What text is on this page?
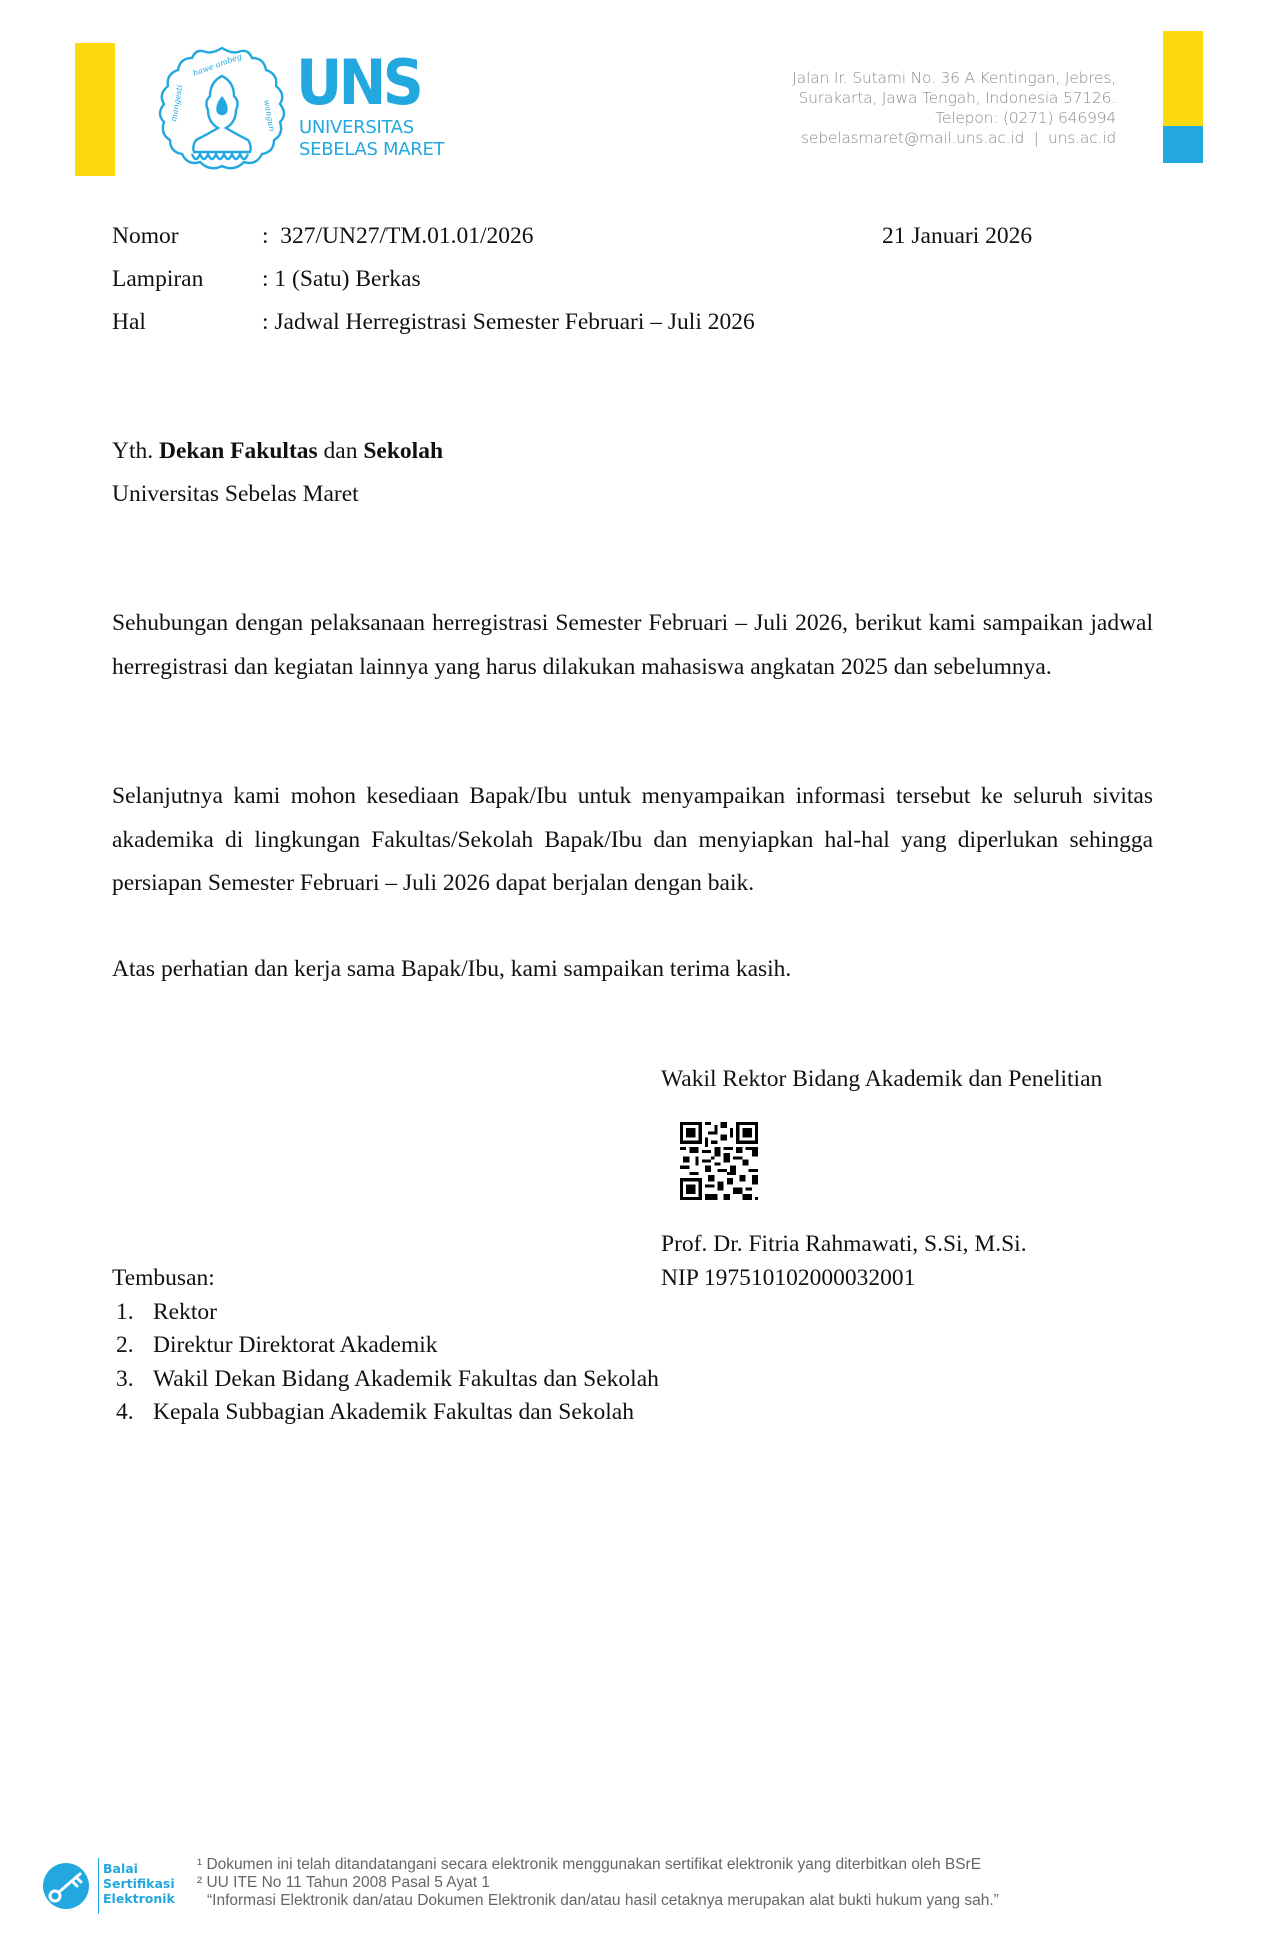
hawe ambeg
mangesti	wangun UNS
UNIVERSITAS
SEBELAS MARET
Jalan Ir. Sutami No. 36 A Kentingan, Jebres,
Surakarta, Jawa Tengah, Indonesia 57126.
Telepon: (0271) 646994
sebelasmaret@mail.uns.ac.id  |  uns.ac.id
Nomor	:  327/UN27/TM.01.01/2026	21 Januari 2026
Lampiran : 1 (Satu) Berkas
Hal	: Jadwal Herregistrasi Semester Februari – Juli 2026
Yth. Dekan Fakultas dan Sekolah
Universitas Sebelas Maret
Sehubungan dengan pelaksanaan herregistrasi Semester Februari – Juli 2026, berikut kami sampaikan jadwal herregistrasi dan kegiatan lainnya yang harus dilakukan mahasiswa angkatan 2025 dan sebelumnya.
Selanjutnya kami mohon kesediaan Bapak/Ibu untuk menyampaikan informasi tersebut ke seluruh sivitas akademika di lingkungan Fakultas/Sekolah Bapak/Ibu dan menyiapkan hal-hal yang diperlukan sehingga persiapan Semester Februari – Juli 2026 dapat berjalan dengan baik.
Atas perhatian dan kerja sama Bapak/Ibu, kami sampaikan terima kasih.
Wakil Rektor Bidang Akademik dan Penelitian
Prof. Dr. Fitria Rahmawati, S.Si, M.Si.
NIP 197510102000032001
Tembusan:
1. Rektor
2. Direktur Direktorat Akademik
3. Wakil Dekan Bidang Akademik Fakultas dan Sekolah
4. Kepala Subbagian Akademik Fakultas dan Sekolah
Balai
Sertifikasi
Elektronik
¹ Dokumen ini telah ditandatangani secara elektronik menggunakan sertifikat elektronik yang diterbitkan oleh BSrE
² UU ITE No 11 Tahun 2008 Pasal 5 Ayat 1
“Informasi Elektronik dan/atau Dokumen Elektronik dan/atau hasil cetaknya merupakan alat bukti hukum yang sah.”
